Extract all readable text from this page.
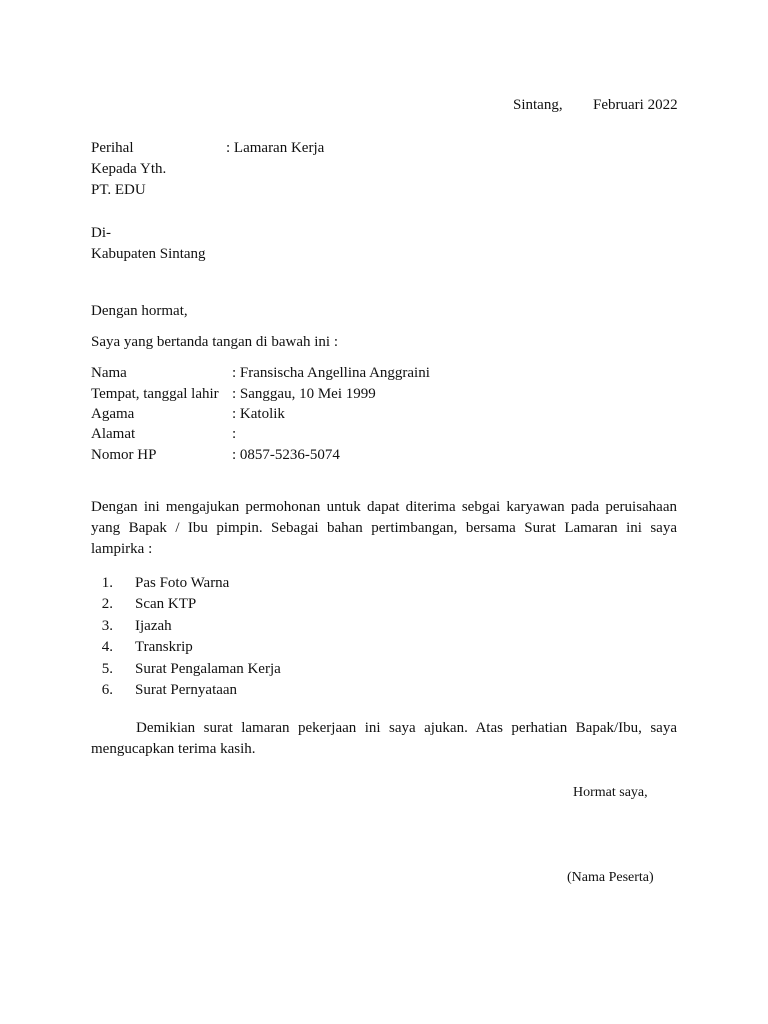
Sintang, Februari 2022
Perihal	: Lamaran Kerja
Kepada Yth.
PT. EDU
Di-
Kabupaten Sintang
Dengan hormat,
Saya yang bertanda tangan di bawah ini :
Nama	: Fransischa Angellina Anggraini
Tempat, tanggal lahir : Sanggau, 10 Mei 1999
Agama	: Katolik
Alamat	:
Nomor HP	: 0857-5236-5074

Dengan ini mengajukan permohonan untuk dapat diterima sebgai karyawan pada peruisahaan yang Bapak / Ibu pimpin. Sebagai bahan pertimbangan, bersama Surat Lamaran ini saya lampirka :

1. Pas Foto Warna
2. Scan KTP
3. Ijazah
4. Transkrip
5. Surat Pengalaman Kerja
6. Surat Pernyataan

Demikian surat lamaran pekerjaan ini saya ajukan. Atas perhatian Bapak/Ibu, saya mengucapkan terima kasih.

Hormat saya,
(Nama Peserta)
